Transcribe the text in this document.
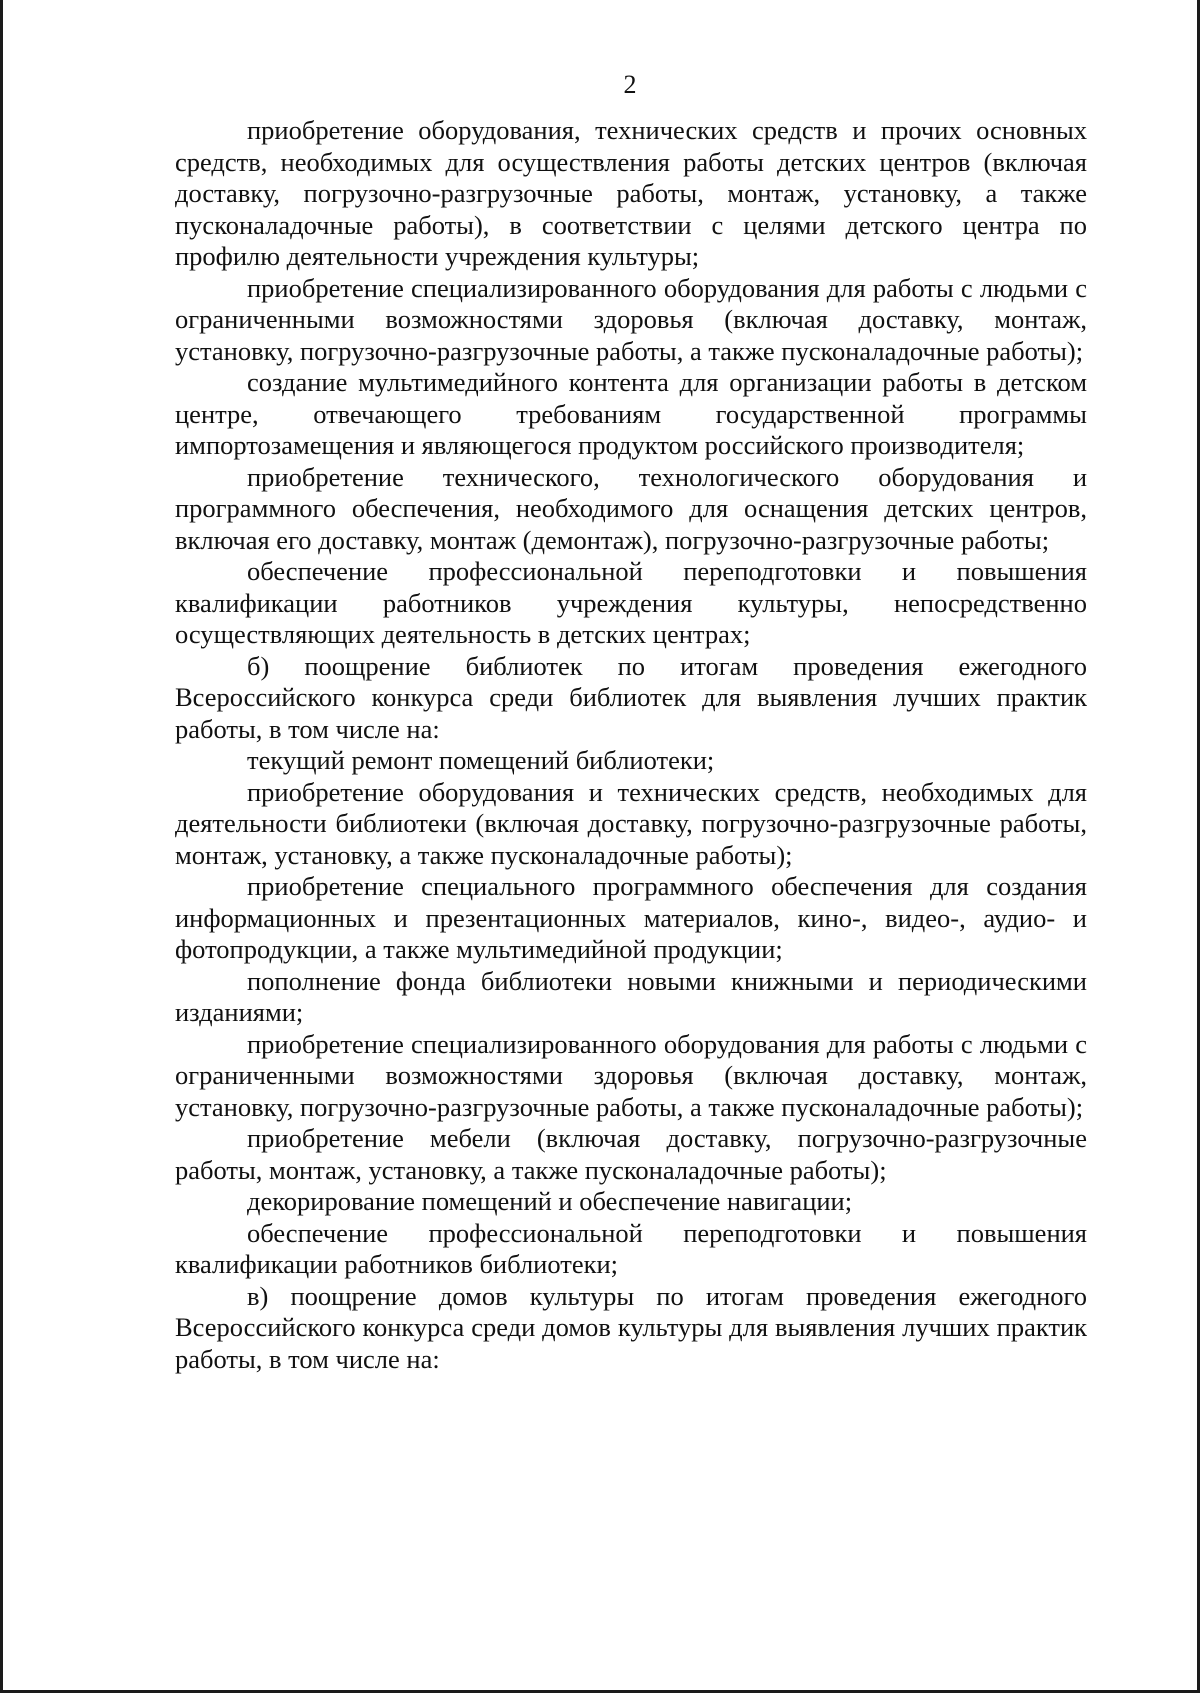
2

приобретение оборудования, технических средств и прочих основных средств, необходимых для осуществления работы детских центров (включая доставку, погрузочно-разгрузочные работы, монтаж, установку, а также пусконаладочные работы), в соответствии с целями детского центра по профилю деятельности учреждения культуры;

приобретение специализированного оборудования для работы с людьми с ограниченными возможностями здоровья (включая доставку, монтаж, установку, погрузочно-разгрузочные работы, а также пусконаладочные работы);

создание мультимедийного контента для организации работы в детском центре, отвечающего требованиям государственной программы импортозамещения и являющегося продуктом российского производителя;

приобретение технического, технологического оборудования и программного обеспечения, необходимого для оснащения детских центров, включая его доставку, монтаж (демонтаж), погрузочно-разгрузочные работы;

обеспечение профессиональной переподготовки и повышения квалификации работников учреждения культуры, непосредственно осуществляющих деятельность в детских центрах;

б) поощрение библиотек по итогам проведения ежегодного Всероссийского конкурса среди библиотек для выявления лучших практик работы, в том числе на:

текущий ремонт помещений библиотеки;

приобретение оборудования и технических средств, необходимых для деятельности библиотеки (включая доставку, погрузочно-разгрузочные работы, монтаж, установку, а также пусконаладочные работы);

приобретение специального программного обеспечения для создания информационных и презентационных материалов, кино-, видео-, аудио- и фотопродукции, а также мультимедийной продукции;

пополнение фонда библиотеки новыми книжными и периодическими изданиями;

приобретение специализированного оборудования для работы с людьми с ограниченными возможностями здоровья (включая доставку, монтаж, установку, погрузочно-разгрузочные работы, а также пусконаладочные работы);

приобретение мебели (включая доставку, погрузочно-разгрузочные работы, монтаж, установку, а также пусконаладочные работы);

декорирование помещений и обеспечение навигации;

обеспечение профессиональной переподготовки и повышения квалификации работников библиотеки;

в) поощрение домов культуры по итогам проведения ежегодного Всероссийского конкурса среди домов культуры для выявления лучших практик работы, в том числе на:
